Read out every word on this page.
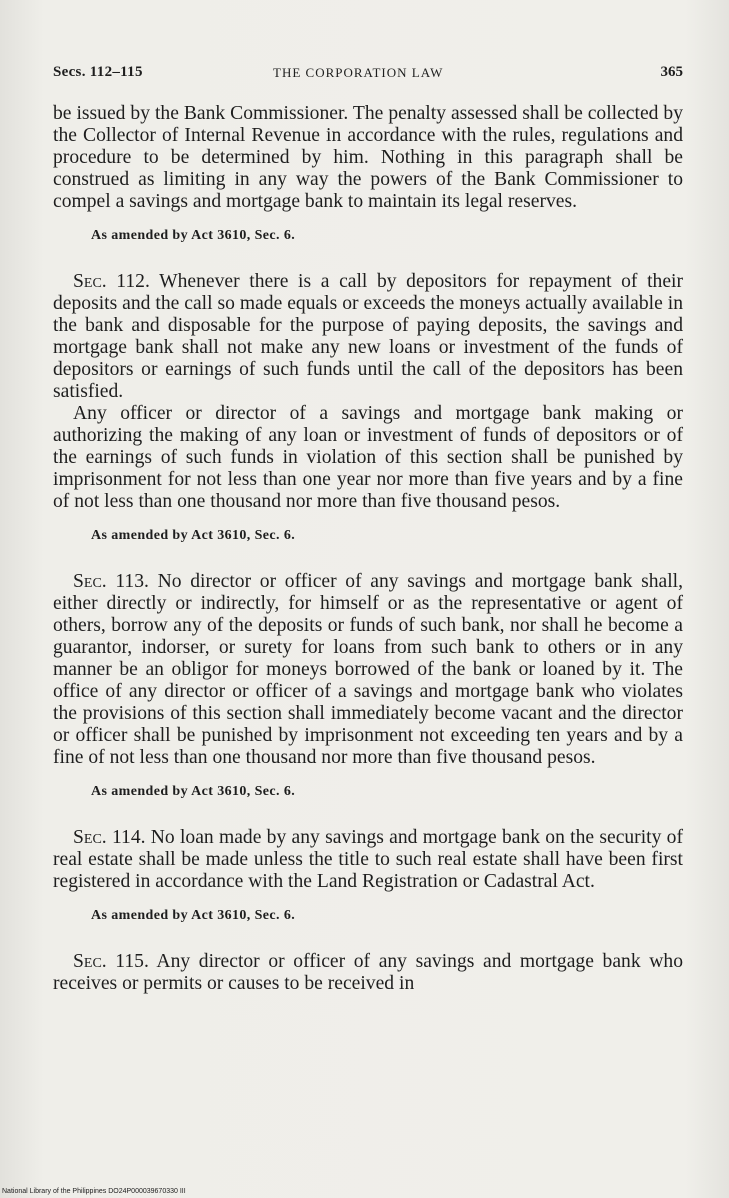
Secs. 112–115	THE CORPORATION LAW	365

be issued by the Bank Commissioner. The penalty assessed shall be collected by the Collector of Internal Revenue in accordance with the rules, regulations and procedure to be determined by him. Nothing in this paragraph shall be construed as limiting in any way the powers of the Bank Commissioner to compel a savings and mortgage bank to maintain its legal reserves.

As amended by Act 3610, Sec. 6.

Sec. 112. Whenever there is a call by depositors for repayment of their deposits and the call so made equals or exceeds the moneys actually available in the bank and disposable for the purpose of paying deposits, the savings and mortgage bank shall not make any new loans or investment of the funds of depositors or earnings of such funds until the call of the depositors has been satisfied.

Any officer or director of a savings and mortgage bank making or authorizing the making of any loan or investment of funds of depositors or of the earnings of such funds in violation of this section shall be punished by imprisonment for not less than one year nor more than five years and by a fine of not less than one thousand nor more than five thousand pesos.

As amended by Act 3610, Sec. 6.

Sec. 113. No director or officer of any savings and mortgage bank shall, either directly or indirectly, for himself or as the representative or agent of others, borrow any of the deposits or funds of such bank, nor shall he become a guarantor, indorser, or surety for loans from such bank to others or in any manner be an obligor for moneys borrowed of the bank or loaned by it. The office of any director or officer of a savings and mortgage bank who violates the provisions of this section shall immediately become vacant and the director or officer shall be punished by imprisonment not exceeding ten years and by a fine of not less than one thousand nor more than five thousand pesos.

As amended by Act 3610, Sec. 6.

Sec. 114. No loan made by any savings and mortgage bank on the security of real estate shall be made unless the title to such real estate shall have been first registered in accordance with the Land Registration or Cadastral Act.

As amended by Act 3610, Sec. 6.

Sec. 115. Any director or officer of any savings and mortgage bank who receives or permits or causes to be received in

National Library of the Philippines DO24P000039670330 III
